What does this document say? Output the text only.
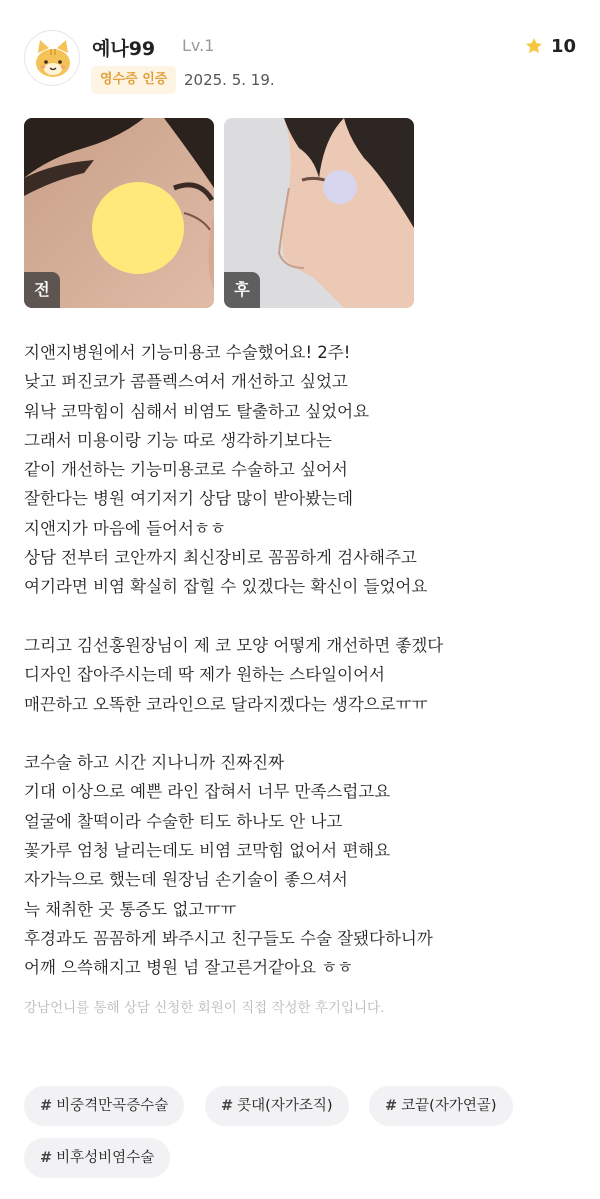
예나99 Lv.1
영수증 인증	2025. 5. 19.
10
전	후

지앤지병원에서 기능미용코 수술했어요! 2주!

낮고 퍼진코가 콤플렉스여서 개선하고 싶었고

워낙 코막힘이 심해서 비염도 탈출하고 싶었어요

그래서 미용이랑 기능 따로 생각하기보다는

같이 개선하는 기능미용코로 수술하고 싶어서

잘한다는 병원 여기저기 상담 많이 받아봤는데

지앤지가 마음에 들어서ㅎㅎ

상담 전부터 코안까지 최신장비로 꼼꼼하게 검사해주고

여기라면 비염 확실히 잡힐 수 있겠다는 확신이 들었어요

그리고 김선홍원장님이 제 코 모양 어떻게 개선하면 좋겠다

디자인 잡아주시는데 딱 제가 원하는 스타일이어서

매끈하고 오똑한 코라인으로 달라지겠다는 생각으로ㅠㅠ

코수술 하고 시간 지나니까 진짜진짜

기대 이상으로 예쁜 라인 잡혀서 너무 만족스럽고요

얼굴에 찰떡이라 수술한 티도 하나도 안 나고

꽃가루 엄청 날리는데도 비염 코막힘 없어서 편해요

자가늑으로 했는데 원장님 손기술이 좋으셔서

늑 채취한 곳 통증도 없고ㅠㅠ

후경과도 꼼꼼하게 봐주시고 친구들도 수술 잘됐다하니까

어깨 으쓱해지고 병원 넘 잘고른거같아요 ㅎㅎ

강남언니를 통해 상담 신청한 회원이 직접 작성한 후기입니다.
# 비중격만곡증수술	# 콧대(자가조직)	# 코끝(자가연골)
# 비후성비염수술
